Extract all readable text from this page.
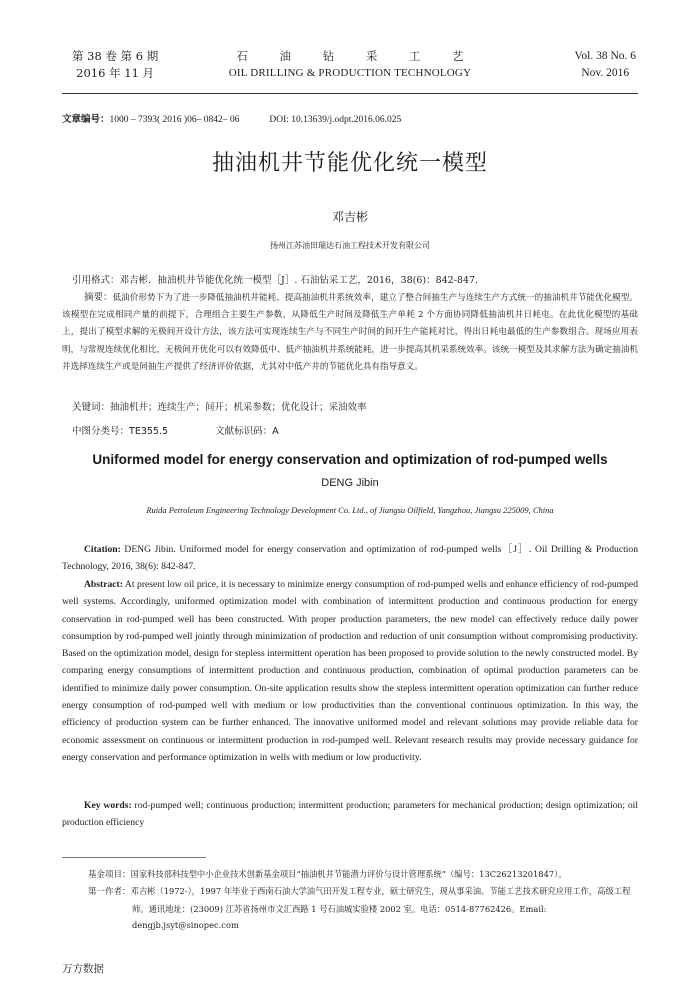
第 38 卷 第 6 期
2016 年 11 月
石 油 钻 采 工 艺
OIL DRILLING & PRODUCTION TECHNOLOGY
Vol. 38 No. 6
Nov. 2016
文章编号：1000 – 7393( 2016 )06– 0842– 06	DOI: 10.13639/j.odpt.2016.06.025
抽油机井节能优化统一模型
邓吉彬
扬州江苏油田瑞达石油工程技术开发有限公司
引用格式：邓吉彬．抽油机井节能优化统一模型［J］. 石油钻采工艺，2016，38(6)：842-847.
摘要：低油价形势下为了进一步降低抽油机井能耗、提高抽油机井系统效率，建立了整合间抽生产与连续生产方式统一的抽油机井节能优化模型。该模型在完成相同产量的前提下，合理组合主要生产参数，从降低生产时间及降低生产单耗 2 个方面协同降低抽油机井日耗电。在此优化模型的基础上，提出了模型求解的无极间开设计方法，该方法可实现连续生产与不同生产时间的间开生产能耗对比，得出日耗电最低的生产参数组合。现场应用表明，与常规连续优化相比，无极间开优化可以有效降低中、低产抽油机井系统能耗，进一步提高其机采系统效率。该统一模型及其求解方法为确定抽油机井选择连续生产或是间抽生产提供了经济评价依据，尤其对中低产井的节能优化具有指导意义。
关键词：抽油机井；连续生产；间开；机采参数；优化设计；采油效率
中图分类号：TE355.5	文献标识码：A
Uniformed model for energy conservation and optimization of rod-pumped wells
DENG Jibin
Ruida Petroleum Engineering Technology Development Co. Ltd., of Jiangsu Oilfield, Yangzhou, Jiangsu 225009, China
Citation: DENG Jibin. Uniformed model for energy conservation and optimization of rod-pumped wells［J］. Oil Drilling & Production Technology, 2016, 38(6): 842-847.
Abstract: At present low oil price, it is necessary to minimize energy consumption of rod-pumped wells and enhance efficiency of rod-pumped well systems. Accordingly, uniformed optimization model with combination of intermittent production and continuous production for energy conservation in rod-pumped well has been constructed. With proper production parameters, the new model can effectively reduce daily power consumption by rod-pumped well jointly through minimization of production and reduction of unit consumption without compromising productivity. Based on the optimization model, design for stepless intermittent operation has been proposed to provide solution to the newly constructed model. By comparing energy consumptions of intermittent production and continuous production, combination of optimal production parameters can be identified to minimize daily power consumption. On-site application results show the stepless intermittent operation optimization can further reduce energy consumption of rod-pumped well with medium or low productivities than the conventional continuous optimization. In this way, the efficiency of production system can be further enhanced. The innovative uniformed model and relevant solutions may provide reliable data for economic assessment on continuous or intermittent production in rod-pumped well. Relevant research results may provide necessary guidance for energy conservation and performance optimization in wells with medium or low productivity.
Key words: rod-pumped well; continuous production; intermittent production; parameters for mechanical production; design optimization; oil production efficiency
基金项目：国家科技部科技型中小企业技术创新基金项目“抽油机井节能潜力评价与设计管理系统”（编号：13C26213201847）。
第一作者：邓吉彬（1972-），1997 年毕业于西南石油大学油气田开发工程专业，硕士研究生，现从事采油、节能工艺技术研究应用工作，高级工程师。通讯地址：(23009) 江苏省扬州市文汇西路 1 号石油城实验楼 2002 室。电话：0514-87762426。Email: dengjb.jsyt@sinopec.com
万方数据
